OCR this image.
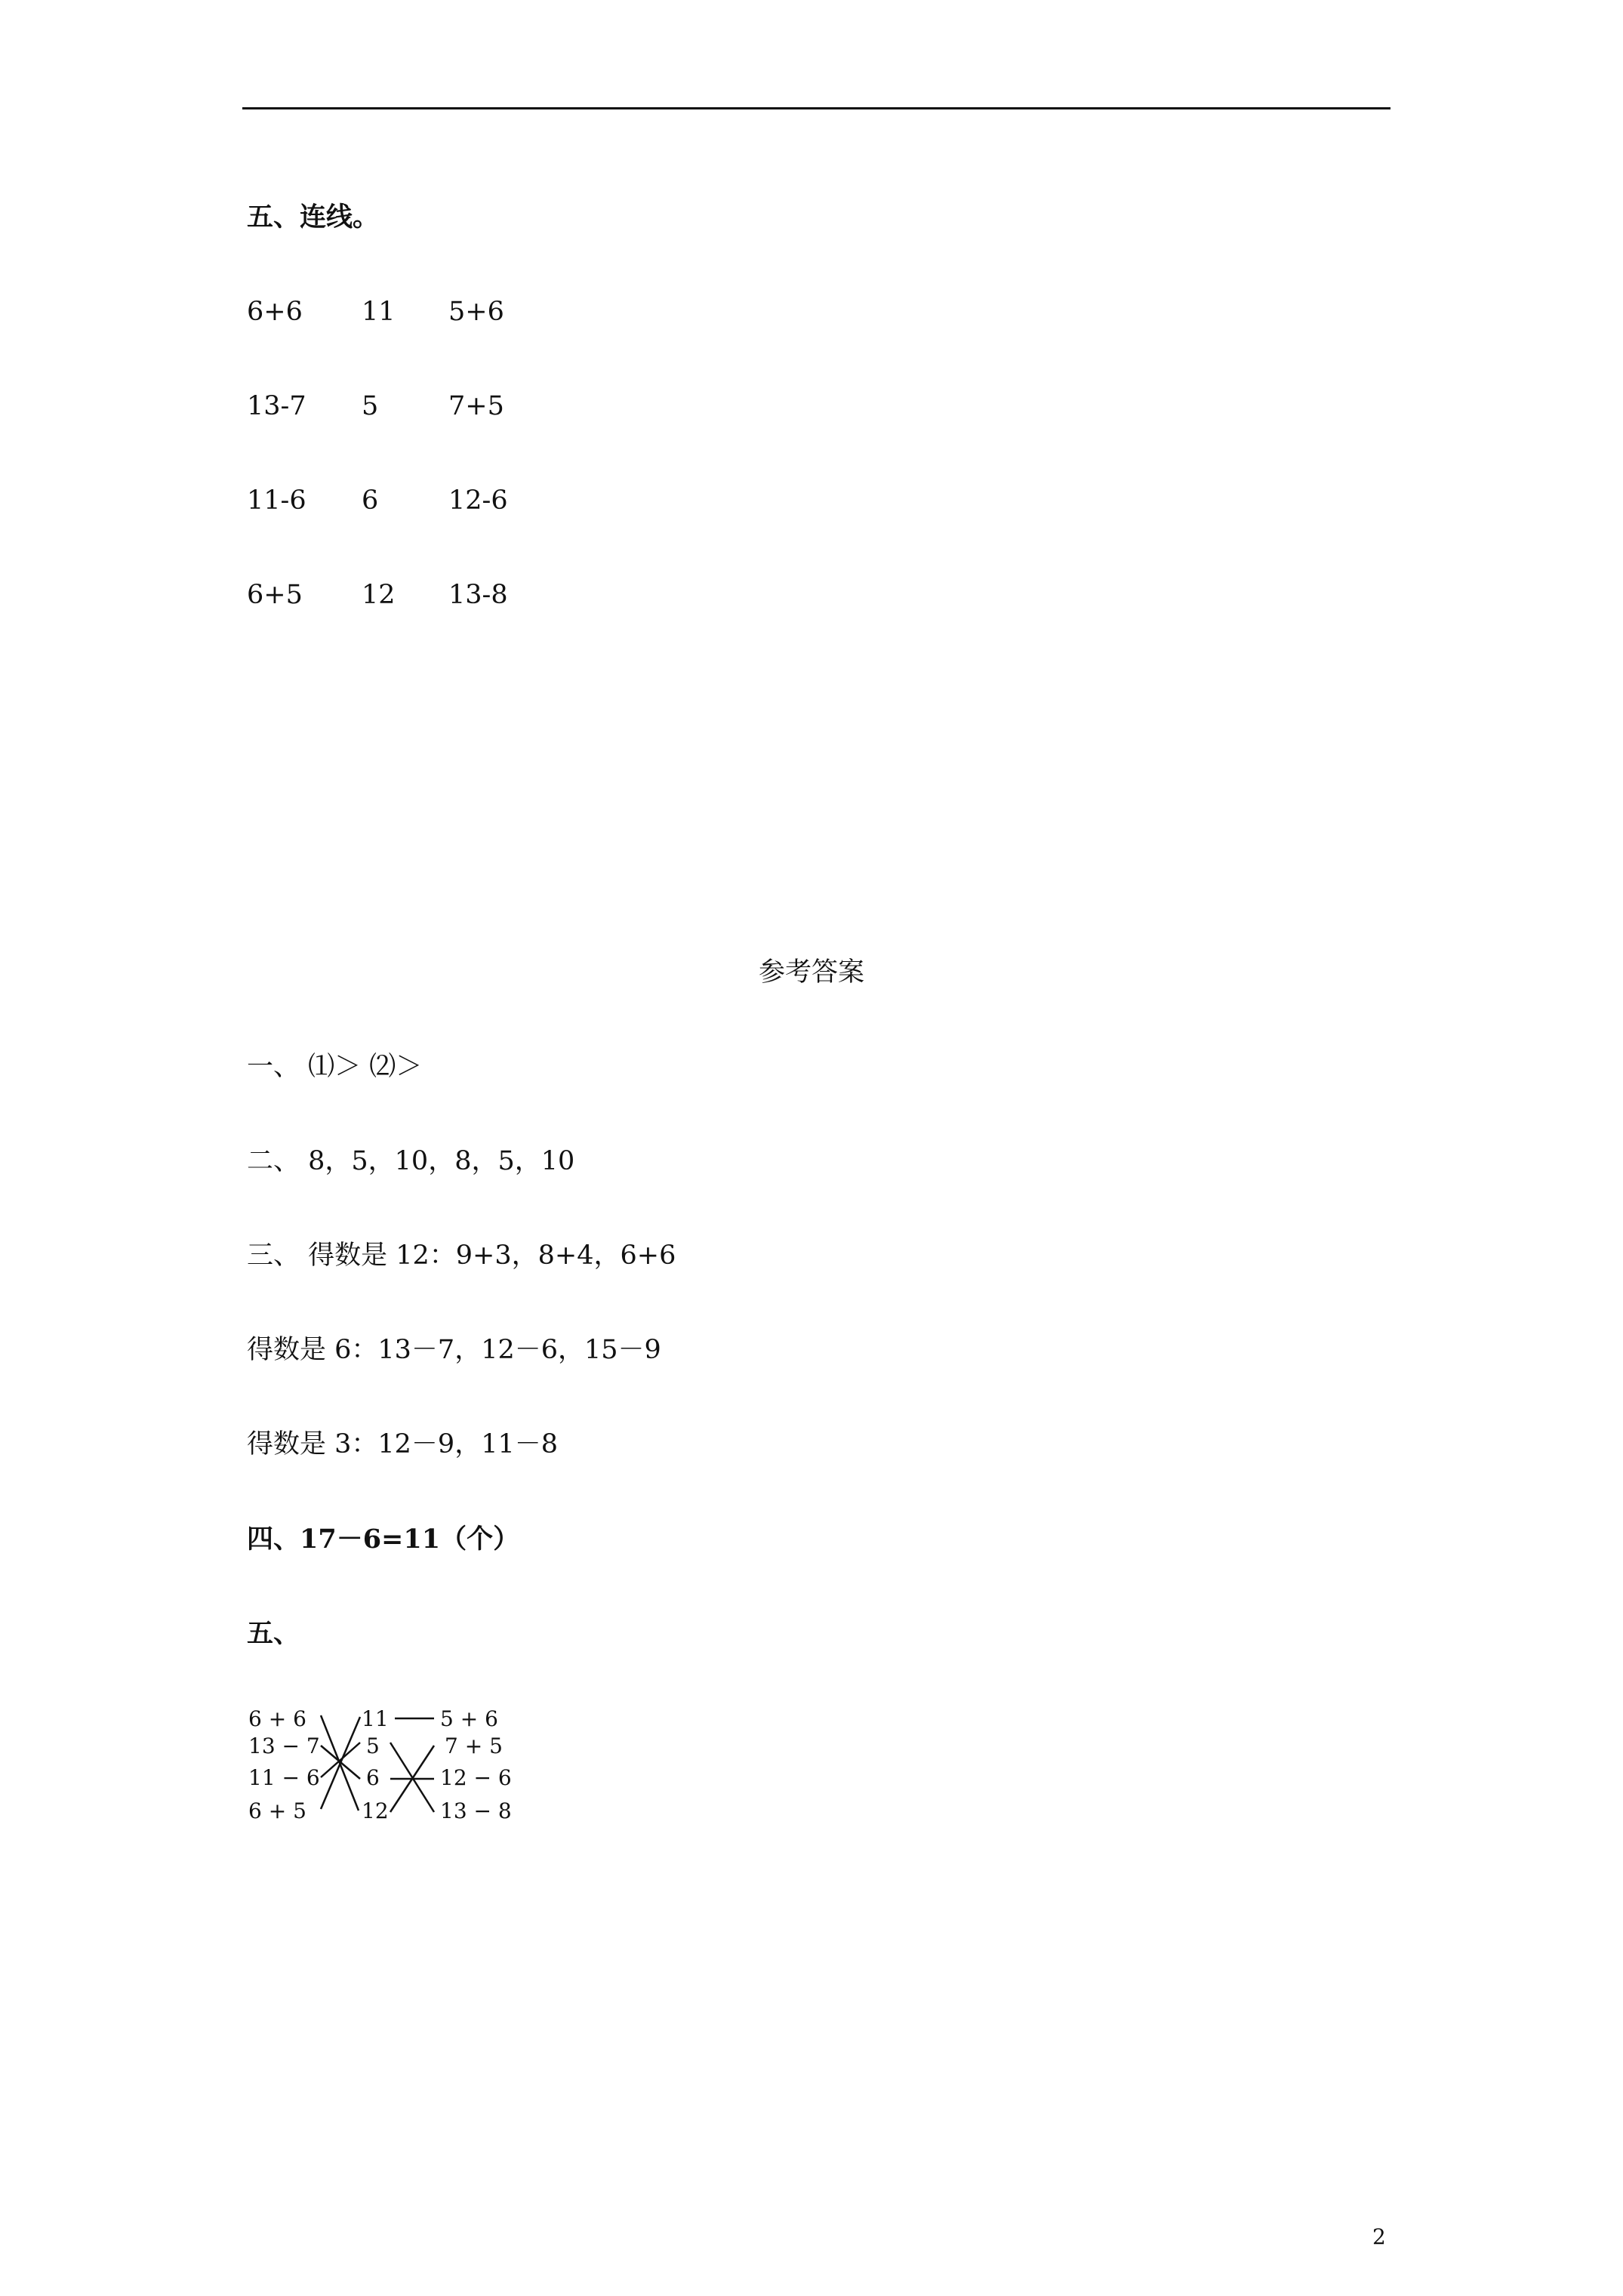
五、连线。
6+6 11 5+6
13-7 5	7+5
11-6 6	12-6
6+5 12 13-8
参考答案
一、 ⑴＞ ⑵＞
二、 8，5，10，8，5，10
三、 得数是 12：9+3，8+4，6+6
得数是 6：13－7，12－6，15－9
得数是 3：12－9，11－8
四、17－6=11（个）
五、
6 + 6
13 − 7
11 − 6
6 + 5
11
5
6
12
5 + 6
7 + 5
12 − 6
13 − 8
2
